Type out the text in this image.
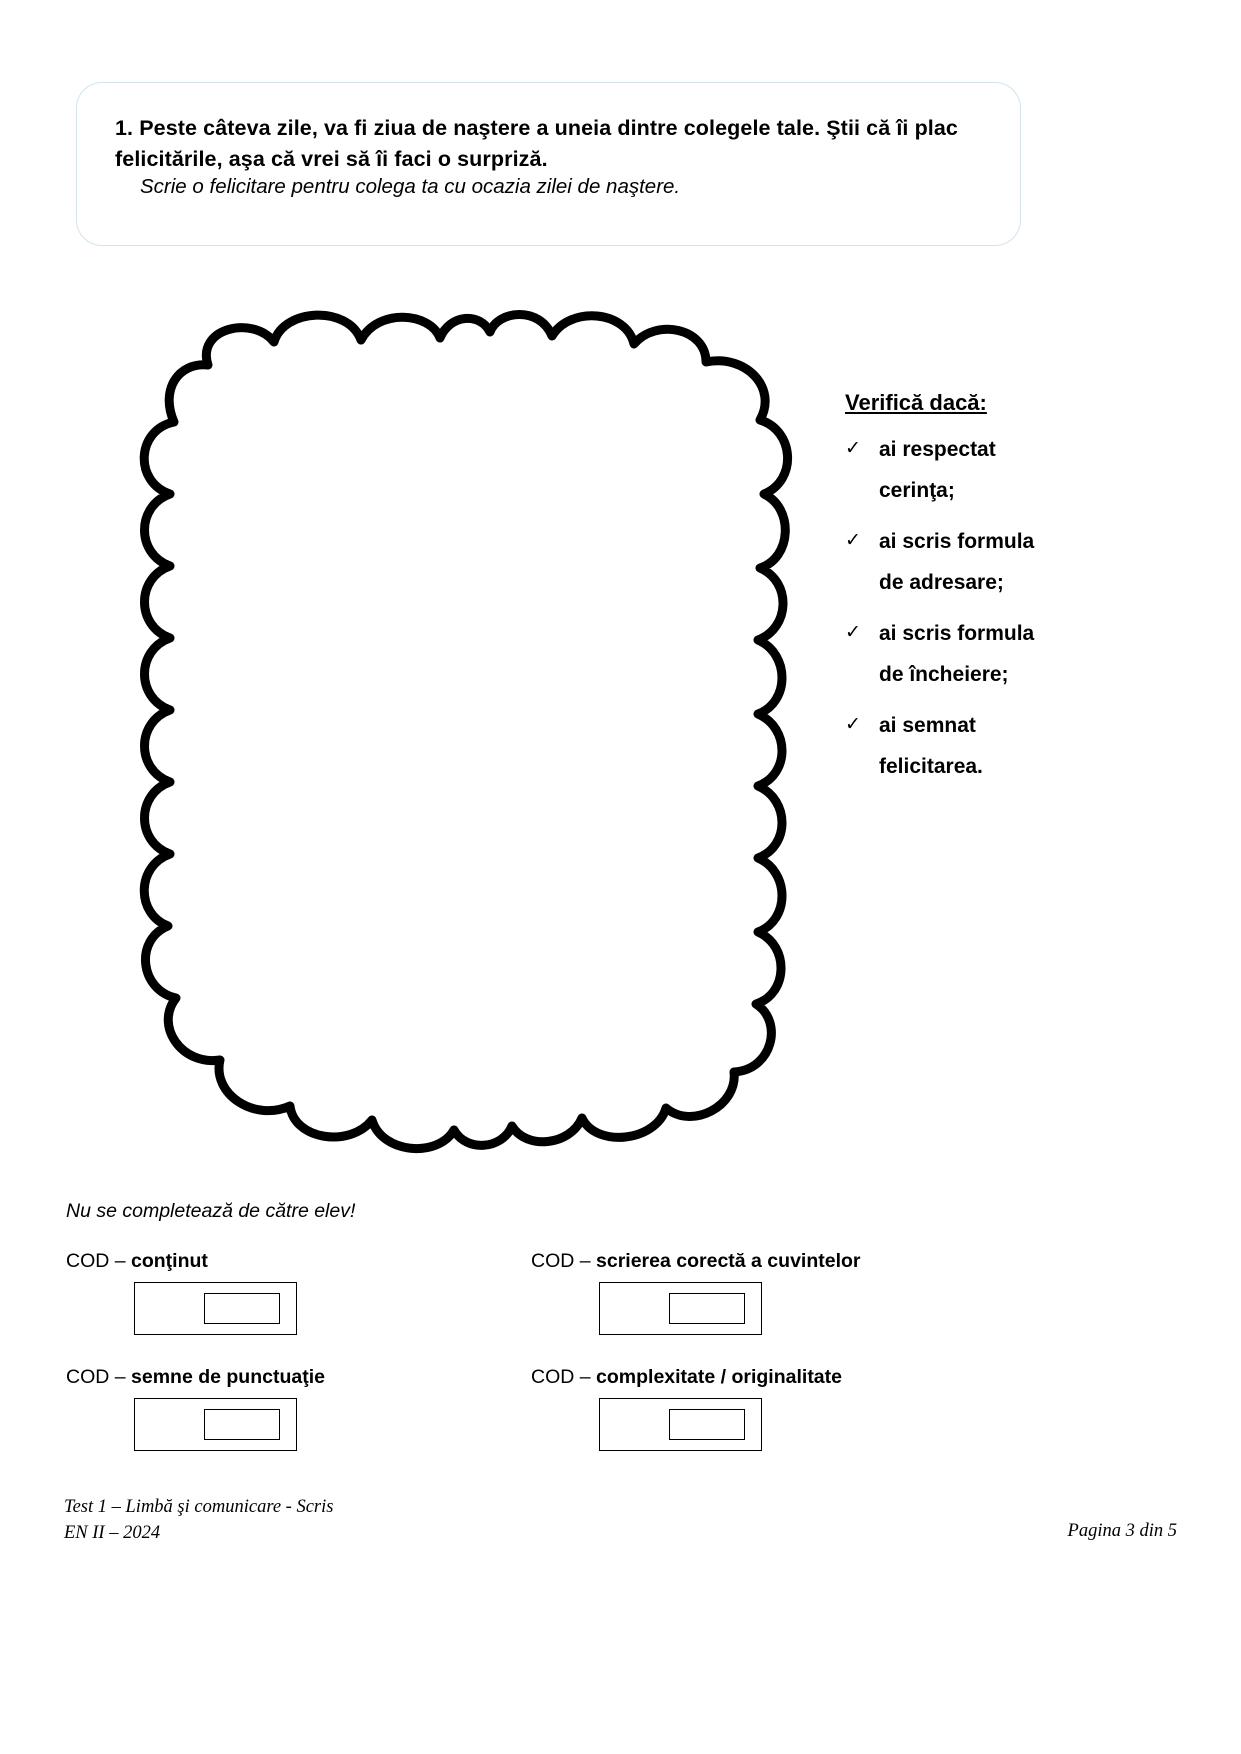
1. Peste câteva zile, va fi ziua de naştere a uneia dintre colegele tale. Ştii că îi plac felicitările, aşa că vrei să îi faci o surpriză.
Scrie o felicitare pentru colega ta cu ocazia zilei de naştere.
Verifică dacă:
✓ ai respectat cerinţa;
✓ ai scris formula de adresare;
✓ ai scris formula de încheiere;
✓ ai semnat felicitarea.
Nu se completează de către elev!
COD – conţinut	COD – scrierea corectă a cuvintelor
COD – semne de punctuaţie	COD – complexitate / originalitate
Test 1 – Limbă şi comunicare - Scris
EN II – 2024	Pagina 3 din 5
